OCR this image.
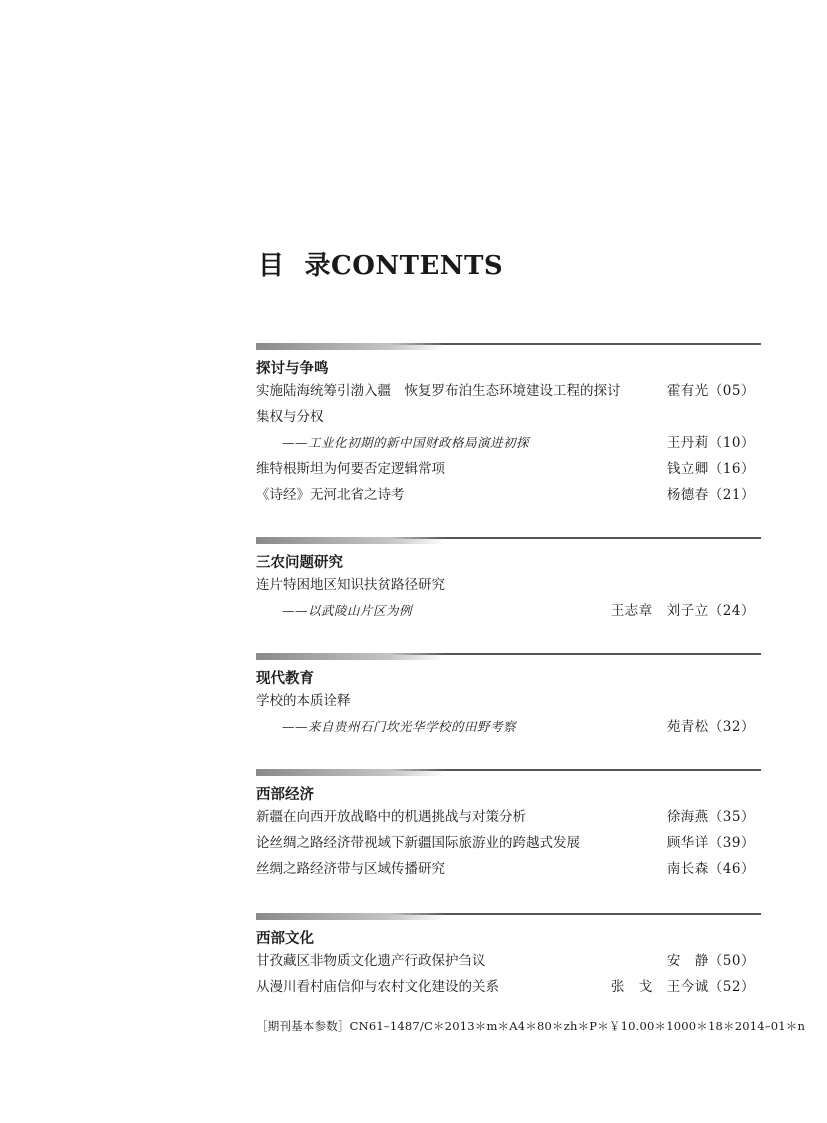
目 录CONTENTS
探讨与争鸣
实施陆海统筹引渤入疆　恢复罗布泊生态环境建设工程的探讨	霍有光（05）
集权与分权
——工业化初期的新中国财政格局演进初探	王丹莉（10）
维特根斯坦为何要否定逻辑常项	钱立卿（16）
《诗经》无河北省之诗考	杨德春（21）
三农问题研究
连片特困地区知识扶贫路径研究
——以武陵山片区为例	王志章　刘子立（24）
现代教育
学校的本质诠释
——来自贵州石门坎光华学校的田野考察	苑青松（32）
西部经济
新疆在向西开放战略中的机遇挑战与对策分析	徐海燕（35）
论丝绸之路经济带视域下新疆国际旅游业的跨越式发展	顾华详（39）
丝绸之路经济带与区域传播研究	南长森（46）
西部文化
甘孜藏区非物质文化遗产行政保护刍议	安　静（50）
从漫川看村庙信仰与农村文化建设的关系	张　戈　王今诚（52）
［期刊基本参数］CN61–1487/C＊2013＊m＊A4＊80＊zh＊P＊￥10.00＊1000＊18＊2014–01＊n
